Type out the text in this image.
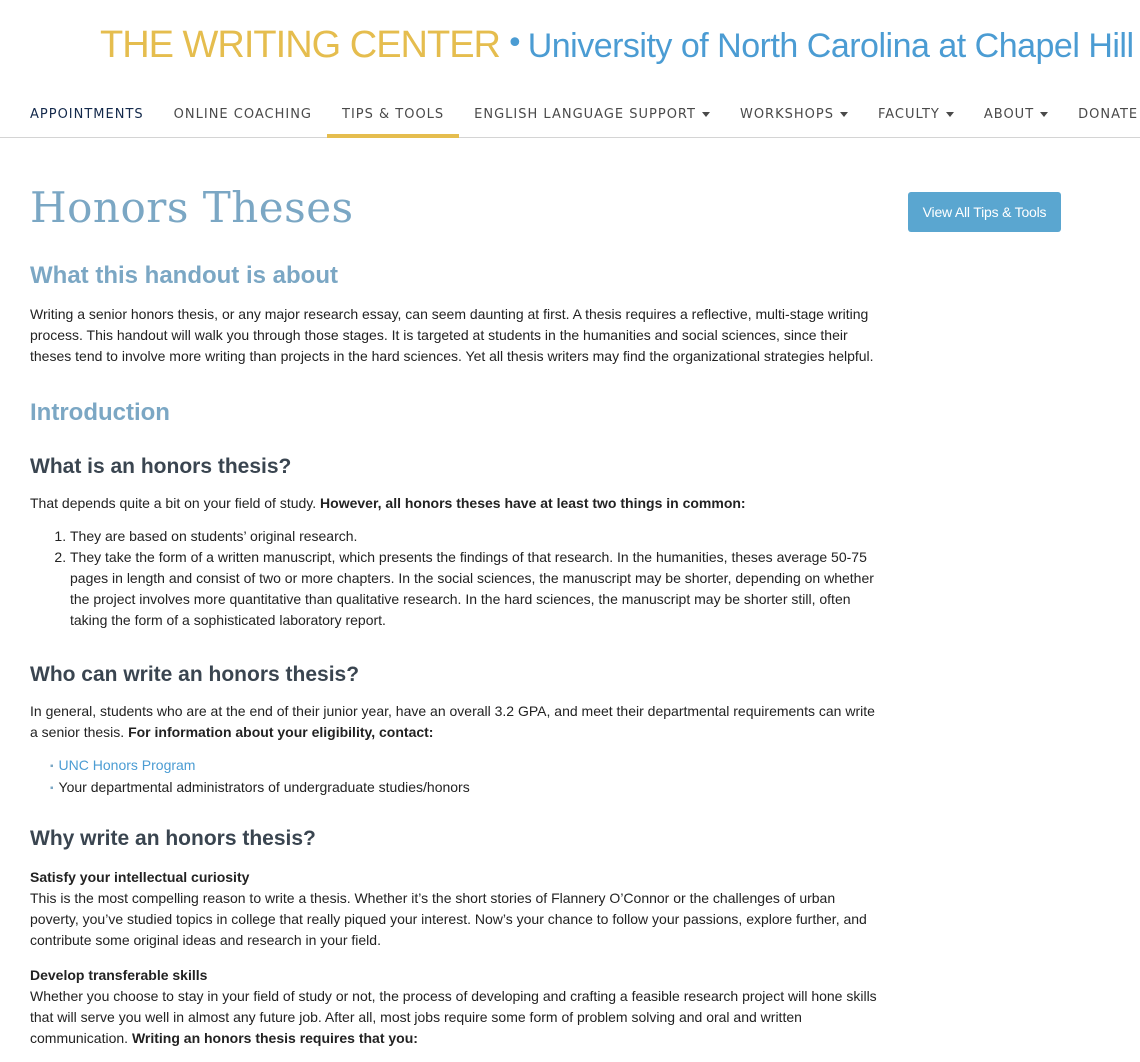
THE WRITING CENTER • University of North Carolina at Chapel Hill
APPOINTMENTS ONLINE COACHING TIPS & TOOLS ENGLISH LANGUAGE SUPPORT	WORKSHOPS	FACULTY	ABOUT	DONATE
View All Tips & Tools
Honors Theses
What this handout is about

Writing a senior honors thesis, or any major research essay, can seem daunting at first. A thesis requires a reflective, multi-stage writing process. This handout will walk you through those stages. It is targeted at students in the humanities and social sciences, since their theses tend to involve more writing than projects in the hard sciences. Yet all thesis writers may find the organizational strategies helpful.

Introduction
What is an honors thesis?

That depends quite a bit on your field of study. However, all honors theses have at least two things in common:

1. They are based on students’ original research.
2. They take the form of a written manuscript, which presents the findings of that research. In the humanities, theses average 50-75 pages in length and consist of two or more chapters. In the social sciences, the manuscript may be shorter, depending on whether the project involves more quantitative than qualitative research. In the hard sciences, the manuscript may be shorter still, often taking the form of a sophisticated laboratory report.
Who can write an honors thesis?

In general, students who are at the end of their junior year, have an overall 3.2 GPA, and meet their departmental requirements can write a senior thesis. For information about your eligibility, contact:

▪ UNC Honors Program
▪ Your departmental administrators of undergraduate studies/honors
Why write an honors thesis?

Satisfy your intellectual curiosity

This is the most compelling reason to write a thesis. Whether it’s the short stories of Flannery O’Connor or the challenges of urban poverty, you’ve studied topics in college that really piqued your interest. Now’s your chance to follow your passions, explore further, and contribute some original ideas and research in your field.

Develop transferable skills

Whether you choose to stay in your field of study or not, the process of developing and crafting a feasible research project will hone skills that will serve you well in almost any future job. After all, most jobs require some form of problem solving and oral and written communication. Writing an honors thesis requires that you:
